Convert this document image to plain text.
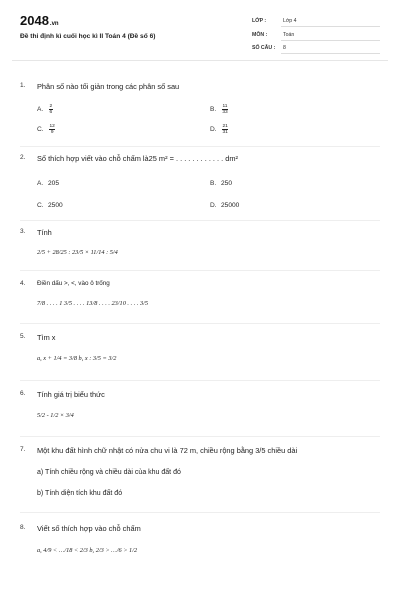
2048.vn
Đề thi định kì cuối học kì II Toán 4 (Đề số 6)
LỚP :	Lớp 4
MÔN :	Toán
SỐ CÂU : 8
1. Phân số nào tối giản trong các phân số sau
A. $\frac{2}{6}$	B. $\frac{11}{33}$
C. $\frac{12}{9}$	D. $\frac{21}{31}$
2. Số thích hợp viết vào chỗ chấm là25 m² = . . . . . . . . . . . . dm²
A. 205	B. 250
C. 2500	D. 25000
3. Tính
2/5 + 28/25 : 23/5 × 11/14 : 5/4
4. Điền dấu >, <, vào ô trống
7/8 . . . . 1 3/5 . . . . 13/8 . . . . 23/10 . . . . 3/5
5. Tìm x
a, x + 1/4 = 3/8 b, x : 3/5 = 3/2
6. Tính giá trị biểu thức
5/2 - 1/2 × 3/4
7. Một khu đất hình chữ nhật có nửa chu vi là 72 m, chiều rộng bằng 3/5 chiều dài
a) Tính chiều rộng và chiều dài của khu đất đó
b) Tính diện tích khu đất đó
8. Viết số thích hợp vào chỗ chấm
a, 4/9 < …/18 < 2/3 b, 2/3 > …/6 > 1/2
